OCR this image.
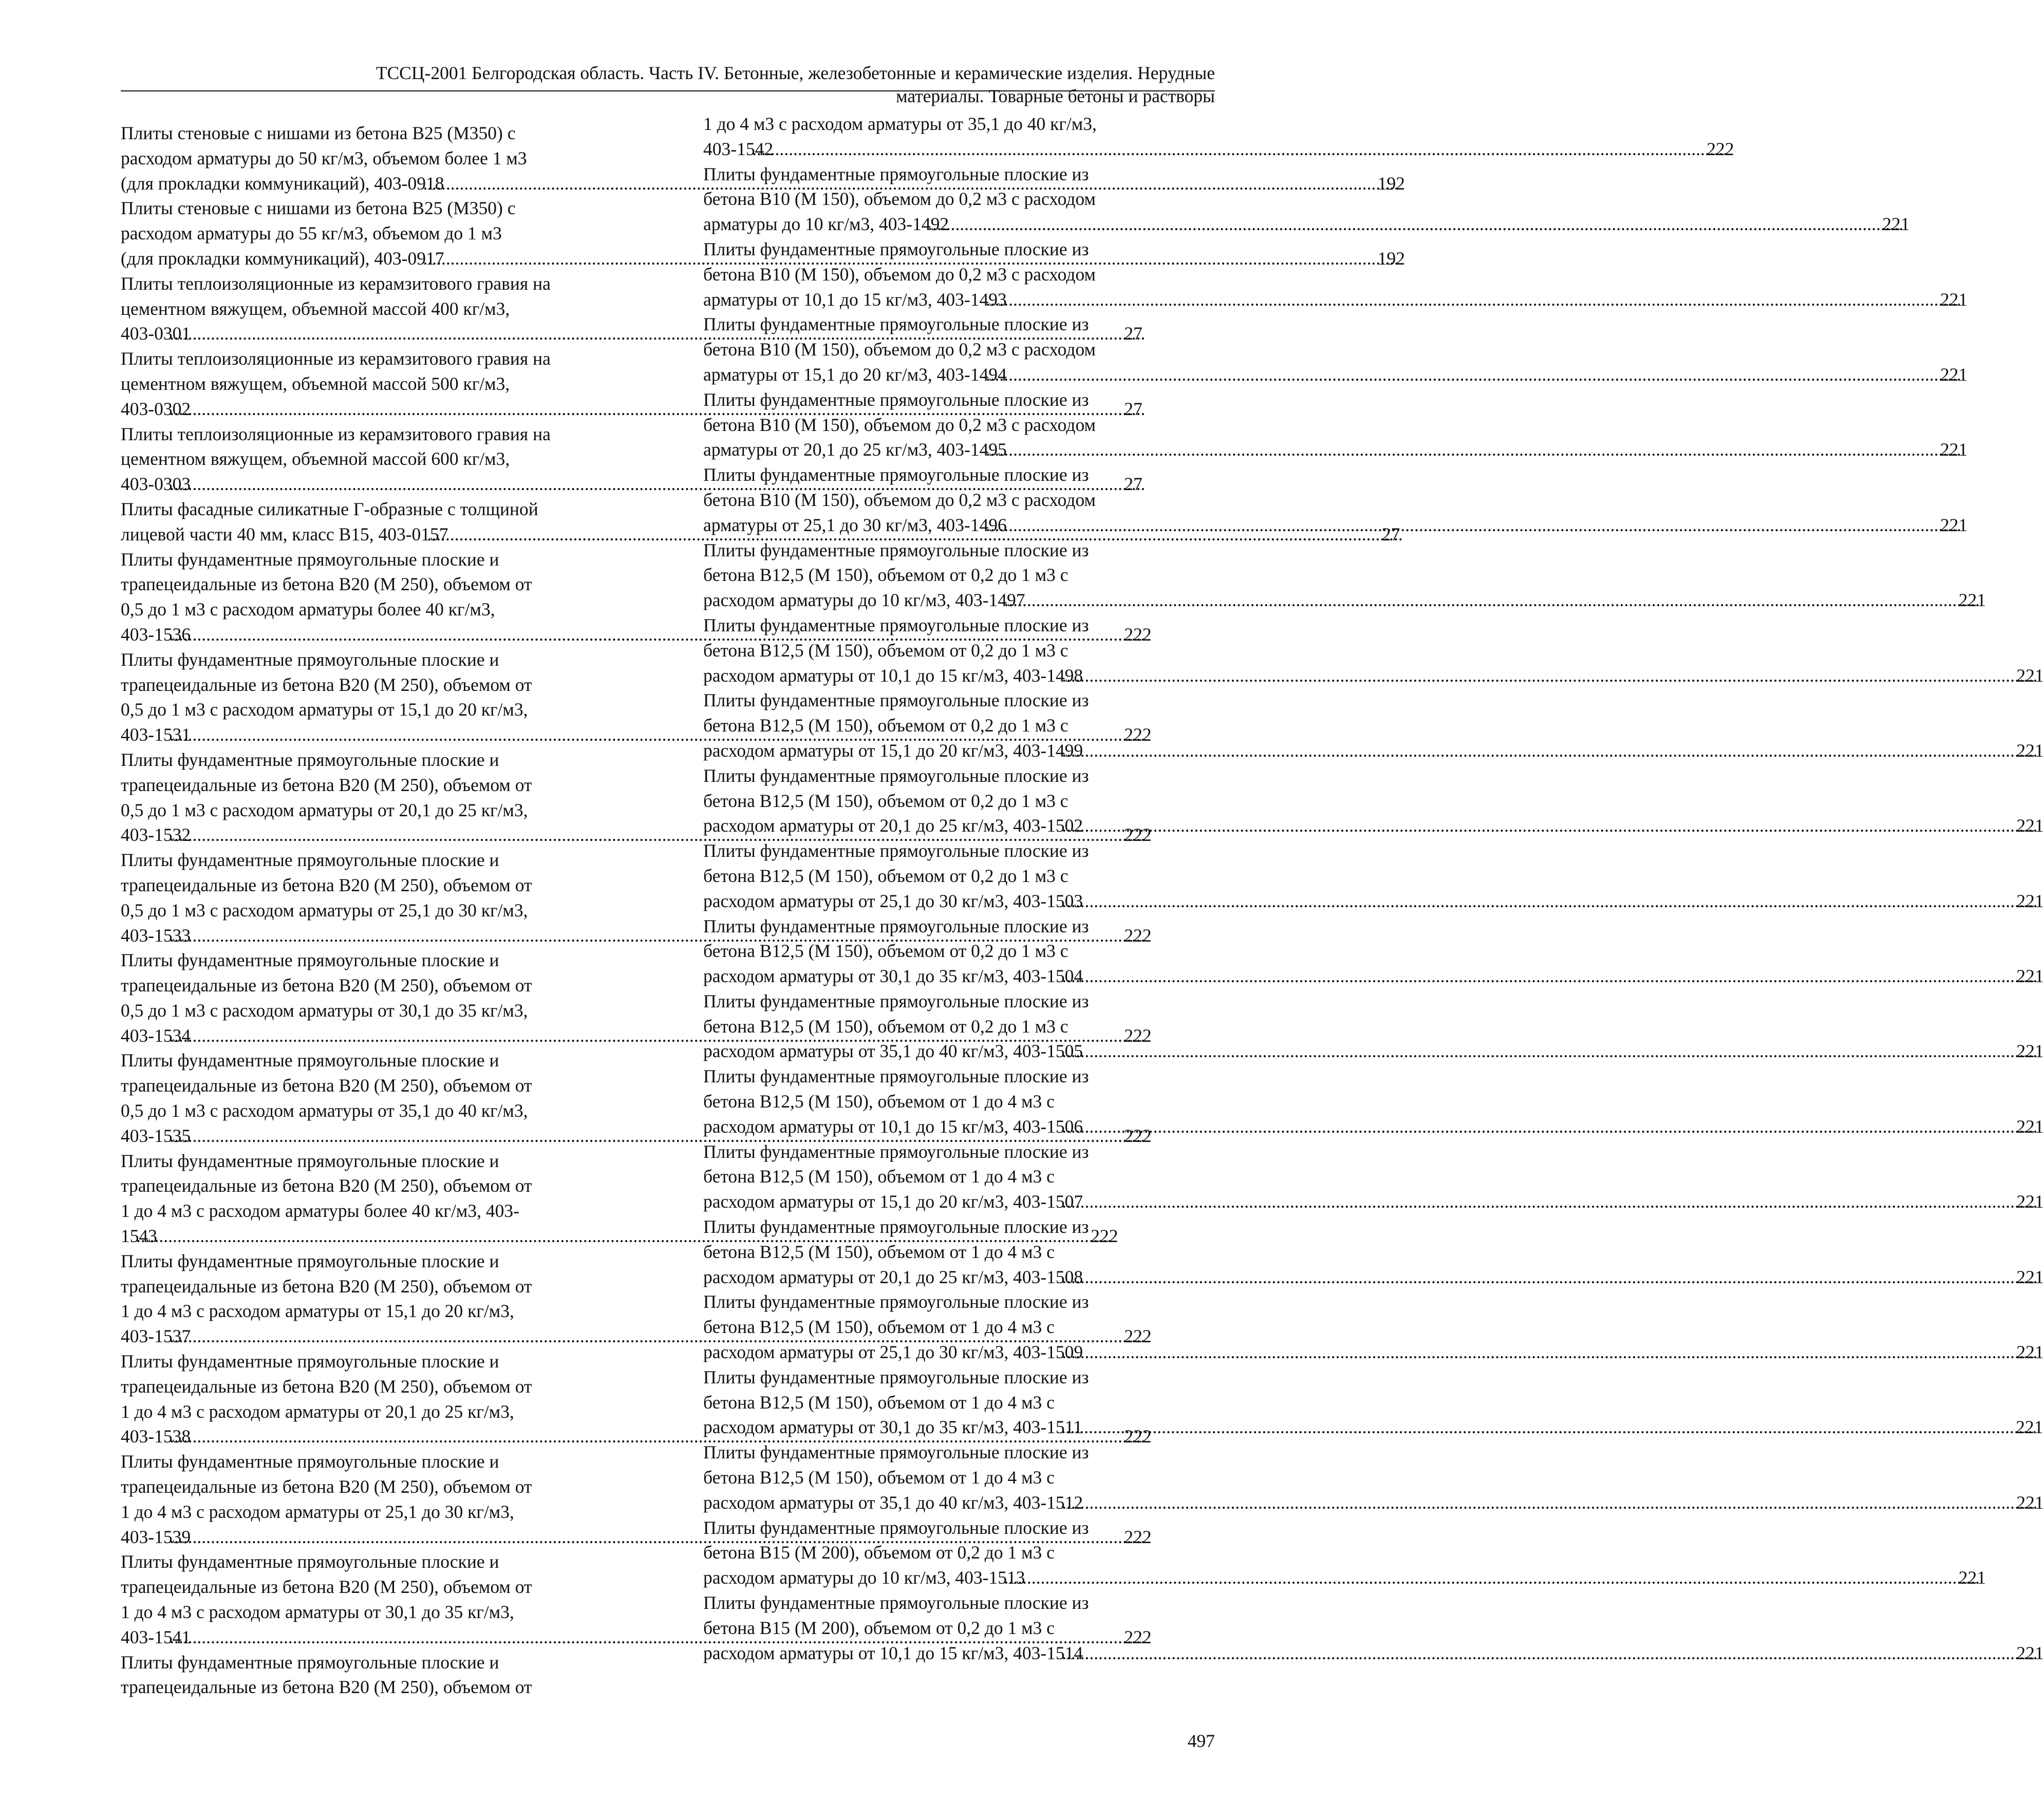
ТССЦ-2001 Белгородская область. Часть IV. Бетонные, железобетонные и керамические изделия. Нерудные
материалы. Товарные бетоны и растворы
Плиты стеновые с нишами из бетона B25 (М350) с
расходом арматуры до 50 кг/м3, объемом более 1 м3
(для прокладки коммуникаций), 403-0918 .....	192
Плиты стеновые с нишами из бетона B25 (М350) с
расходом арматуры до 55 кг/м3, объемом до 1 м3
(для прокладки коммуникаций), 403-0917 .....	192
Плиты теплоизоляционные из керамзитового гравия на
цементном вяжущем, объемной массой 400 кг/м3,
403-0301 .....	27
Плиты теплоизоляционные из керамзитового гравия на
цементном вяжущем, объемной массой 500 кг/м3,
403-0302 .....	27
Плиты теплоизоляционные из керамзитового гравия на
цементном вяжущем, объемной массой 600 кг/м3,
403-0303 .....	27
Плиты фасадные силикатные Г-образные с толщиной
лицевой части 40 мм, класс B15, 403-0157 .....	27
Плиты фундаментные прямоугольные плоские и
трапецеидальные из бетона B20 (М 250), объемом от
0,5 до 1 м3 с расходом арматуры более 40 кг/м3,
403-1536 .....	222
Плиты фундаментные прямоугольные плоские и
трапецеидальные из бетона B20 (М 250), объемом от
0,5 до 1 м3 с расходом арматуры от 15,1 до 20 кг/м3,
403-1531 .....	222
Плиты фундаментные прямоугольные плоские и
трапецеидальные из бетона B20 (М 250), объемом от
0,5 до 1 м3 с расходом арматуры от 20,1 до 25 кг/м3,
403-1532 .....	222
Плиты фундаментные прямоугольные плоские и
трапецеидальные из бетона B20 (М 250), объемом от
0,5 до 1 м3 с расходом арматуры от 25,1 до 30 кг/м3,
403-1533 .....	222
Плиты фундаментные прямоугольные плоские и
трапецеидальные из бетона B20 (М 250), объемом от
0,5 до 1 м3 с расходом арматуры от 30,1 до 35 кг/м3,
403-1534 .....	222
Плиты фундаментные прямоугольные плоские и
трапецеидальные из бетона B20 (М 250), объемом от
0,5 до 1 м3 с расходом арматуры от 35,1 до 40 кг/м3,
403-1535 .....	222
Плиты фундаментные прямоугольные плоские и
трапецеидальные из бетона B20 (М 250), объемом от
1 до 4 м3 с расходом арматуры более 40 кг/м3, 403-
1543 .....	222
Плиты фундаментные прямоугольные плоские и
трапецеидальные из бетона B20 (М 250), объемом от
1 до 4 м3 с расходом арматуры от 15,1 до 20 кг/м3,
403-1537 .....	222
Плиты фундаментные прямоугольные плоские и
трапецеидальные из бетона B20 (М 250), объемом от
1 до 4 м3 с расходом арматуры от 20,1 до 25 кг/м3,
403-1538 .....	222
Плиты фундаментные прямоугольные плоские и
трапецеидальные из бетона B20 (М 250), объемом от
1 до 4 м3 с расходом арматуры от 25,1 до 30 кг/м3,
403-1539 .....	222
Плиты фундаментные прямоугольные плоские и
трапецеидальные из бетона B20 (М 250), объемом от
1 до 4 м3 с расходом арматуры от 30,1 до 35 кг/м3,
403-1541 .....	222
Плиты фундаментные прямоугольные плоские и
трапецеидальные из бетона B20 (М 250), объемом от
1 до 4 м3 с расходом арматуры от 35,1 до 40 кг/м3,
403-1542 .....	222
Плиты фундаментные прямоугольные плоские из
бетона B10 (М 150), объемом до 0,2 м3 с расходом
арматуры до 10 кг/м3, 403-1492 .....	221
Плиты фундаментные прямоугольные плоские из
бетона B10 (М 150), объемом до 0,2 м3 с расходом
арматуры от 10,1 до 15 кг/м3, 403-1493 .....	221
Плиты фундаментные прямоугольные плоские из
бетона B10 (М 150), объемом до 0,2 м3 с расходом
арматуры от 15,1 до 20 кг/м3, 403-1494 .....	221
Плиты фундаментные прямоугольные плоские из
бетона B10 (М 150), объемом до 0,2 м3 с расходом
арматуры от 20,1 до 25 кг/м3, 403-1495 .....	221
Плиты фундаментные прямоугольные плоские из
бетона B10 (М 150), объемом до 0,2 м3 с расходом
арматуры от 25,1 до 30 кг/м3, 403-1496 .....	221
Плиты фундаментные прямоугольные плоские из
бетона B12,5 (М 150), объемом от 0,2 до 1 м3 с
расходом арматуры до 10 кг/м3, 403-1497 .....	221
Плиты фундаментные прямоугольные плоские из
бетона B12,5 (М 150), объемом от 0,2 до 1 м3 с
расходом арматуры от 10,1 до 15 кг/м3, 403-1498 .....	221
Плиты фундаментные прямоугольные плоские из
бетона B12,5 (М 150), объемом от 0,2 до 1 м3 с
расходом арматуры от 15,1 до 20 кг/м3, 403-1499 .....	221
Плиты фундаментные прямоугольные плоские из
бетона B12,5 (М 150), объемом от 0,2 до 1 м3 с
расходом арматуры от 20,1 до 25 кг/м3, 403-1502 .....	221
Плиты фундаментные прямоугольные плоские из
бетона B12,5 (М 150), объемом от 0,2 до 1 м3 с
расходом арматуры от 25,1 до 30 кг/м3, 403-1503 .....	221
Плиты фундаментные прямоугольные плоские из
бетона B12,5 (М 150), объемом от 0,2 до 1 м3 с
расходом арматуры от 30,1 до 35 кг/м3, 403-1504 .....	221
Плиты фундаментные прямоугольные плоские из
бетона B12,5 (М 150), объемом от 0,2 до 1 м3 с
расходом арматуры от 35,1 до 40 кг/м3, 403-1505 .....	221
Плиты фундаментные прямоугольные плоские из
бетона B12,5 (М 150), объемом от 1 до 4 м3 с
расходом арматуры от 10,1 до 15 кг/м3, 403-1506 .....	221
Плиты фундаментные прямоугольные плоские из
бетона B12,5 (М 150), объемом от 1 до 4 м3 с
расходом арматуры от 15,1 до 20 кг/м3, 403-1507 .....	221
Плиты фундаментные прямоугольные плоские из
бетона B12,5 (М 150), объемом от 1 до 4 м3 с
расходом арматуры от 20,1 до 25 кг/м3, 403-1508 .....	221
Плиты фундаментные прямоугольные плоские из
бетона B12,5 (М 150), объемом от 1 до 4 м3 с
расходом арматуры от 25,1 до 30 кг/м3, 403-1509 .....	221
Плиты фундаментные прямоугольные плоские из
бетона B12,5 (М 150), объемом от 1 до 4 м3 с
расходом арматуры от 30,1 до 35 кг/м3, 403-1511 .....	221
Плиты фундаментные прямоугольные плоские из
бетона B12,5 (М 150), объемом от 1 до 4 м3 с
расходом арматуры от 35,1 до 40 кг/м3, 403-1512 .....	221
Плиты фундаментные прямоугольные плоские из
бетона B15 (М 200), объемом от 0,2 до 1 м3 с
расходом арматуры до 10 кг/м3, 403-1513 .....	221
Плиты фундаментные прямоугольные плоские из
бетона B15 (М 200), объемом от 0,2 до 1 м3 с
расходом арматуры от 10,1 до 15 кг/м3, 403-1514 .....	221
497
